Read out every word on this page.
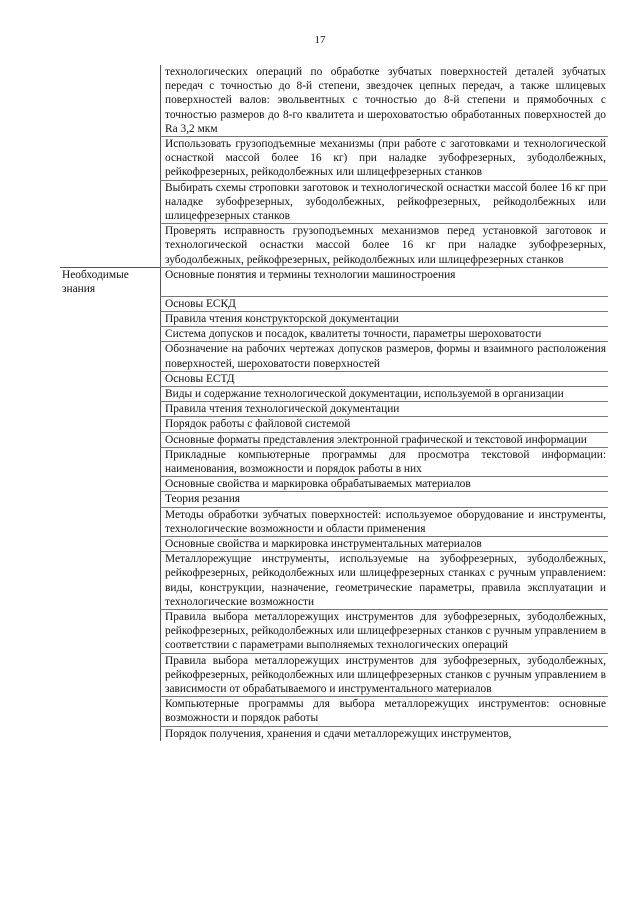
17
	технологических операций по обработке зубчатых поверхностей деталей зубчатых передач с точностью до 8-й степени, звездочек цепных передач, а также шлицевых поверхностей валов: эвольвентных с точностью до 8-й степени и прямобочных с точностью размеров до 8-го квалитета и шероховатостью обработанных поверхностей до Ra 3,2 мкм
	Использовать грузоподъемные механизмы (при работе с заготовками и технологической оснасткой массой более 16 кг) при наладке зубофрезерных, зубодолбежных, рейкофрезерных, рейкодолбежных или шлицефрезерных станков
	Выбирать схемы строповки заготовок и технологической оснастки массой более 16 кг при наладке зубофрезерных, зубодолбежных, рейкофрезерных, рейкодолбежных или шлицефрезерных станков
	Проверять исправность грузоподъемных механизмов перед установкой заготовок и технологической оснастки массой более 16 кг при наладке зубофрезерных, зубодолбежных, рейкофрезерных, рейкодолбежных или шлицефрезерных станков
Необходимые знания	Основные понятия и термины технологии машиностроения
	Основы ЕСКД
	Правила чтения конструкторской документации
	Система допусков и посадок, квалитеты точности, параметры шероховатости
	Обозначение на рабочих чертежах допусков размеров, формы и взаимного расположения поверхностей, шероховатости поверхностей
	Основы ЕСТД
	Виды и содержание технологической документации, используемой в организации
	Правила чтения технологической документации
	Порядок работы с файловой системой
	Основные форматы представления электронной графической и текстовой информации
	Прикладные компьютерные программы для просмотра текстовой информации: наименования, возможности и порядок работы в них
	Основные свойства и маркировка обрабатываемых материалов
	Теория резания
	Методы обработки зубчатых поверхностей: используемое оборудование и инструменты, технологические возможности и области применения
	Основные свойства и маркировка инструментальных материалов
	Металлорежущие инструменты, используемые на зубофрезерных, зубодолбежных, рейкофрезерных, рейкодолбежных или шлицефрезерных станках с ручным управлением: виды, конструкции, назначение, геометрические параметры, правила эксплуатации и технологические возможности
	Правила выбора металлорежущих инструментов для зубофрезерных, зубодолбежных, рейкофрезерных, рейкодолбежных или шлицефрезерных станков с ручным управлением в соответствии с параметрами выполняемых технологических операций
	Правила выбора металлорежущих инструментов для зубофрезерных, зубодолбежных, рейкофрезерных, рейкодолбежных или шлицефрезерных станков с ручным управлением в зависимости от обрабатываемого и инструментального материалов
	Компьютерные программы для выбора металлорежущих инструментов: основные возможности и порядок работы
	Порядок получения, хранения и сдачи металлорежущих инструментов,
